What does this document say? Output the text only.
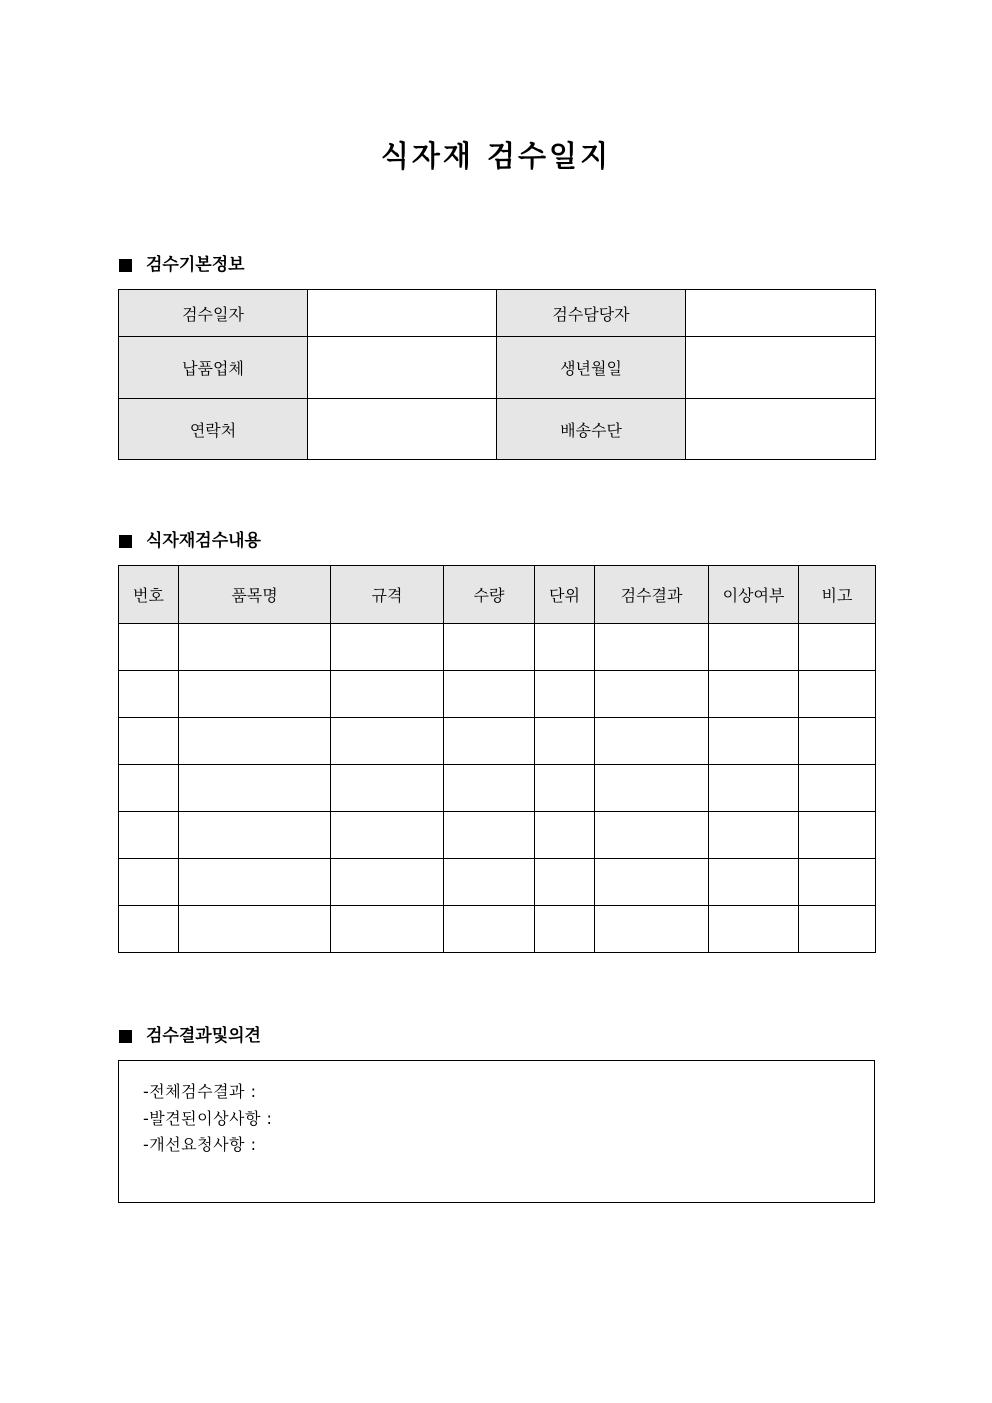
식자재 검수일지
검수기본정보
검수일자		검수담당자	
납품업체		생년월일	
연락처		배송수단	
식자재검수내용
번호	품목명	규격	수량	단위	검수결과	이상여부	비고

검수결과및의견
-전체검수결과 :
-발견된이상사항 :
-개선요청사항 :
